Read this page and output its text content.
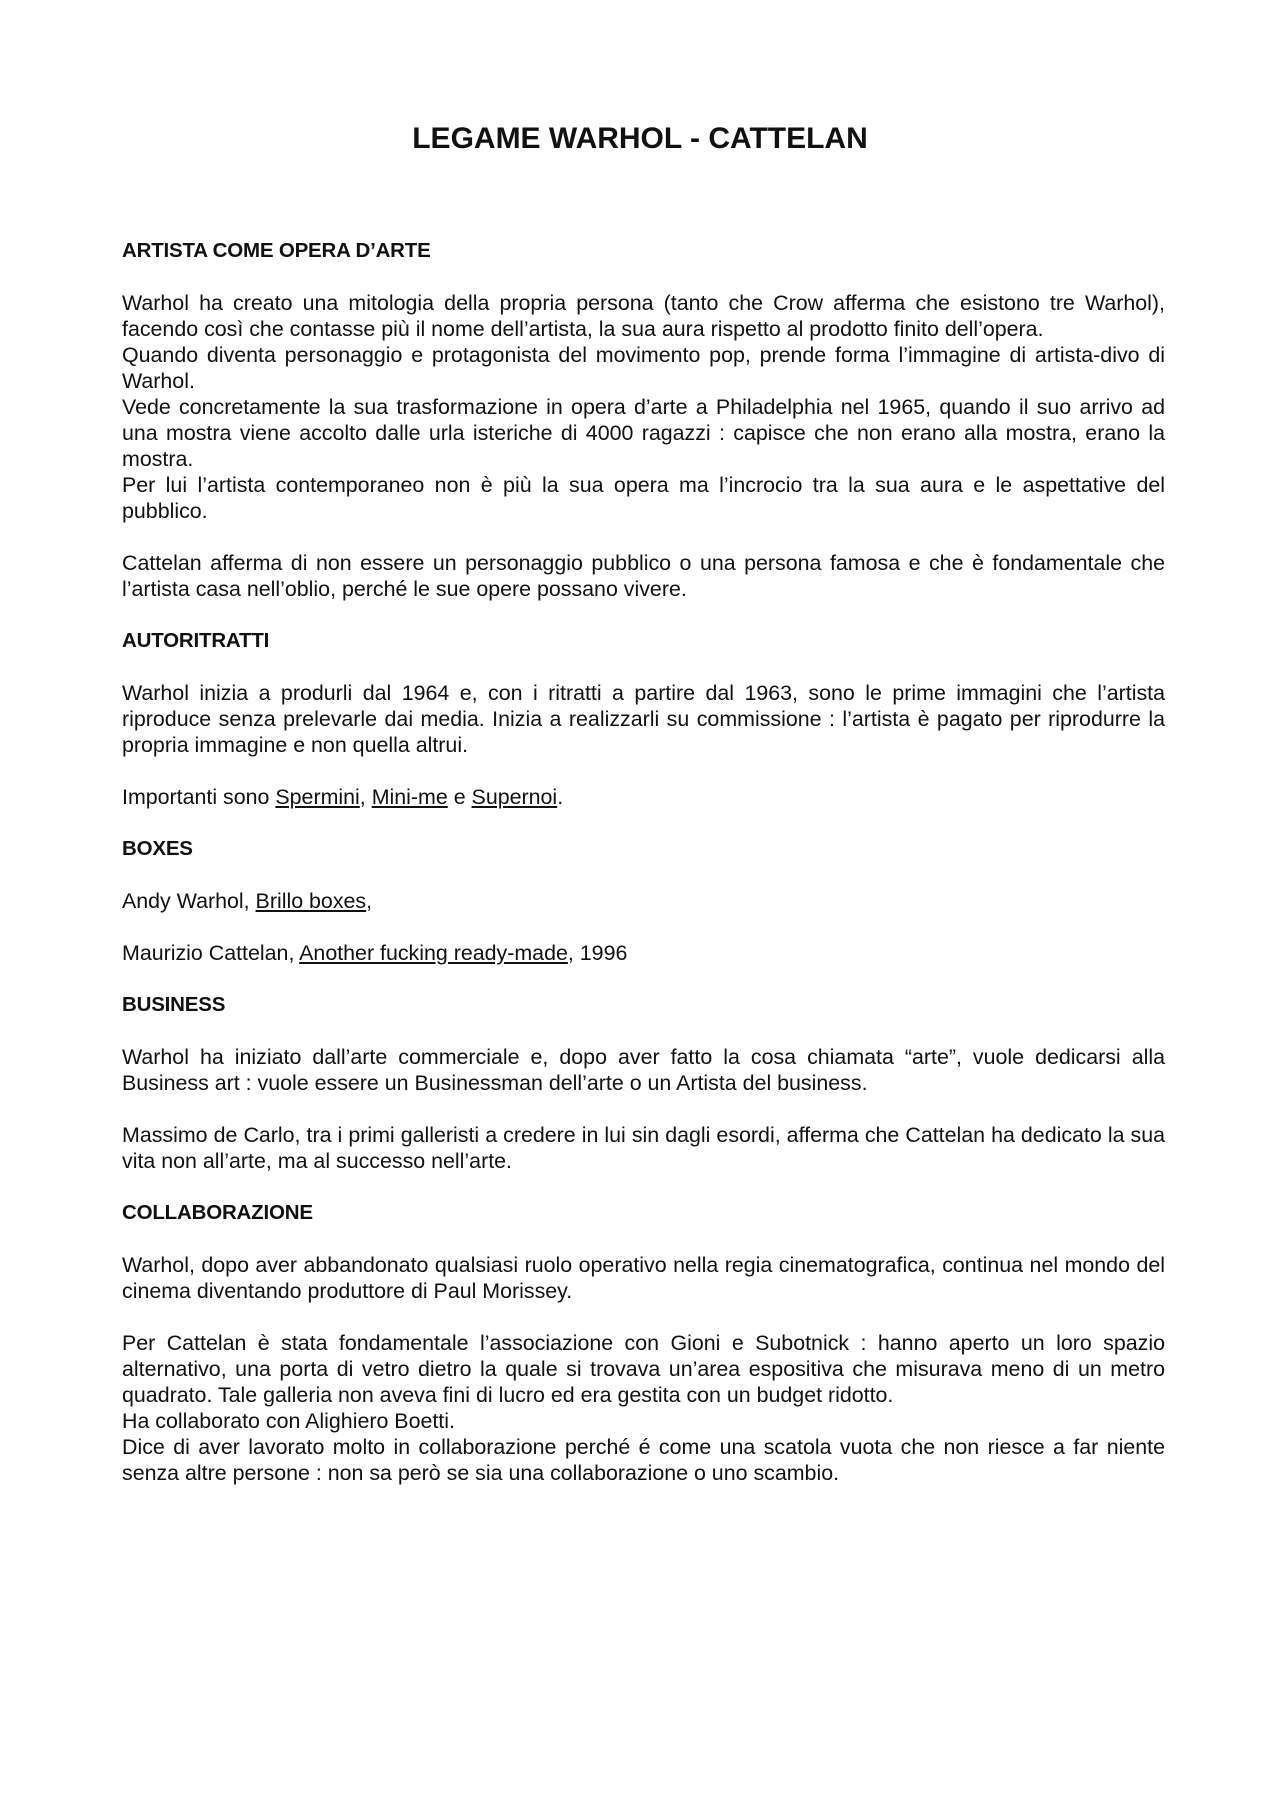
LEGAME WARHOL - CATTELAN

ARTISTA COME OPERA D’ARTE

Warhol ha creato una mitologia della propria persona (tanto che Crow afferma che esistono tre Warhol), facendo così che contasse più il nome dell’artista, la sua aura rispetto al prodotto finito dell’opera.

Quando diventa personaggio e protagonista del movimento pop, prende forma l’immagine di artista-divo di Warhol.

Vede concretamente la sua trasformazione in opera d’arte a Philadelphia nel 1965, quando il suo arrivo ad una mostra viene accolto dalle urla isteriche di 4000 ragazzi : capisce che non erano alla mostra, erano la mostra.

Per lui l’artista contemporaneo non è più la sua opera ma l’incrocio tra la sua aura e le aspettative del pubblico.

Cattelan afferma di non essere un personaggio pubblico o una persona famosa e che è fondamentale che l’artista casa nell’oblio, perché le sue opere possano vivere.

AUTORITRATTI

Warhol inizia a produrli dal 1964 e, con i ritratti a partire dal 1963, sono le prime immagini che l’artista riproduce senza prelevarle dai media. Inizia a realizzarli su commissione : l’artista è pagato per riprodurre la propria immagine e non quella altrui.

Importanti sono Spermini, Mini-me e Supernoi.

BOXES

Andy Warhol, Brillo boxes,

Maurizio Cattelan, Another fucking ready-made, 1996

BUSINESS

Warhol ha iniziato dall’arte commerciale e, dopo aver fatto la cosa chiamata “arte”, vuole dedicarsi alla Business art : vuole essere un Businessman dell’arte o un Artista del business.

Massimo de Carlo, tra i primi galleristi a credere in lui sin dagli esordi, afferma che Cattelan ha dedicato la sua vita non all’arte, ma al successo nell’arte.

COLLABORAZIONE

Warhol, dopo aver abbandonato qualsiasi ruolo operativo nella regia cinematografica, continua nel mondo del cinema diventando produttore di Paul Morissey.

Per Cattelan è stata fondamentale l’associazione con Gioni e Subotnick : hanno aperto un loro spazio alternativo, una porta di vetro dietro la quale si trovava un’area espositiva che misurava meno di un metro quadrato. Tale galleria non aveva fini di lucro ed era gestita con un budget ridotto.

Ha collaborato con Alighiero Boetti.

Dice di aver lavorato molto in collaborazione perché é come una scatola vuota che non riesce a far niente senza altre persone : non sa però se sia una collaborazione o uno scambio.
